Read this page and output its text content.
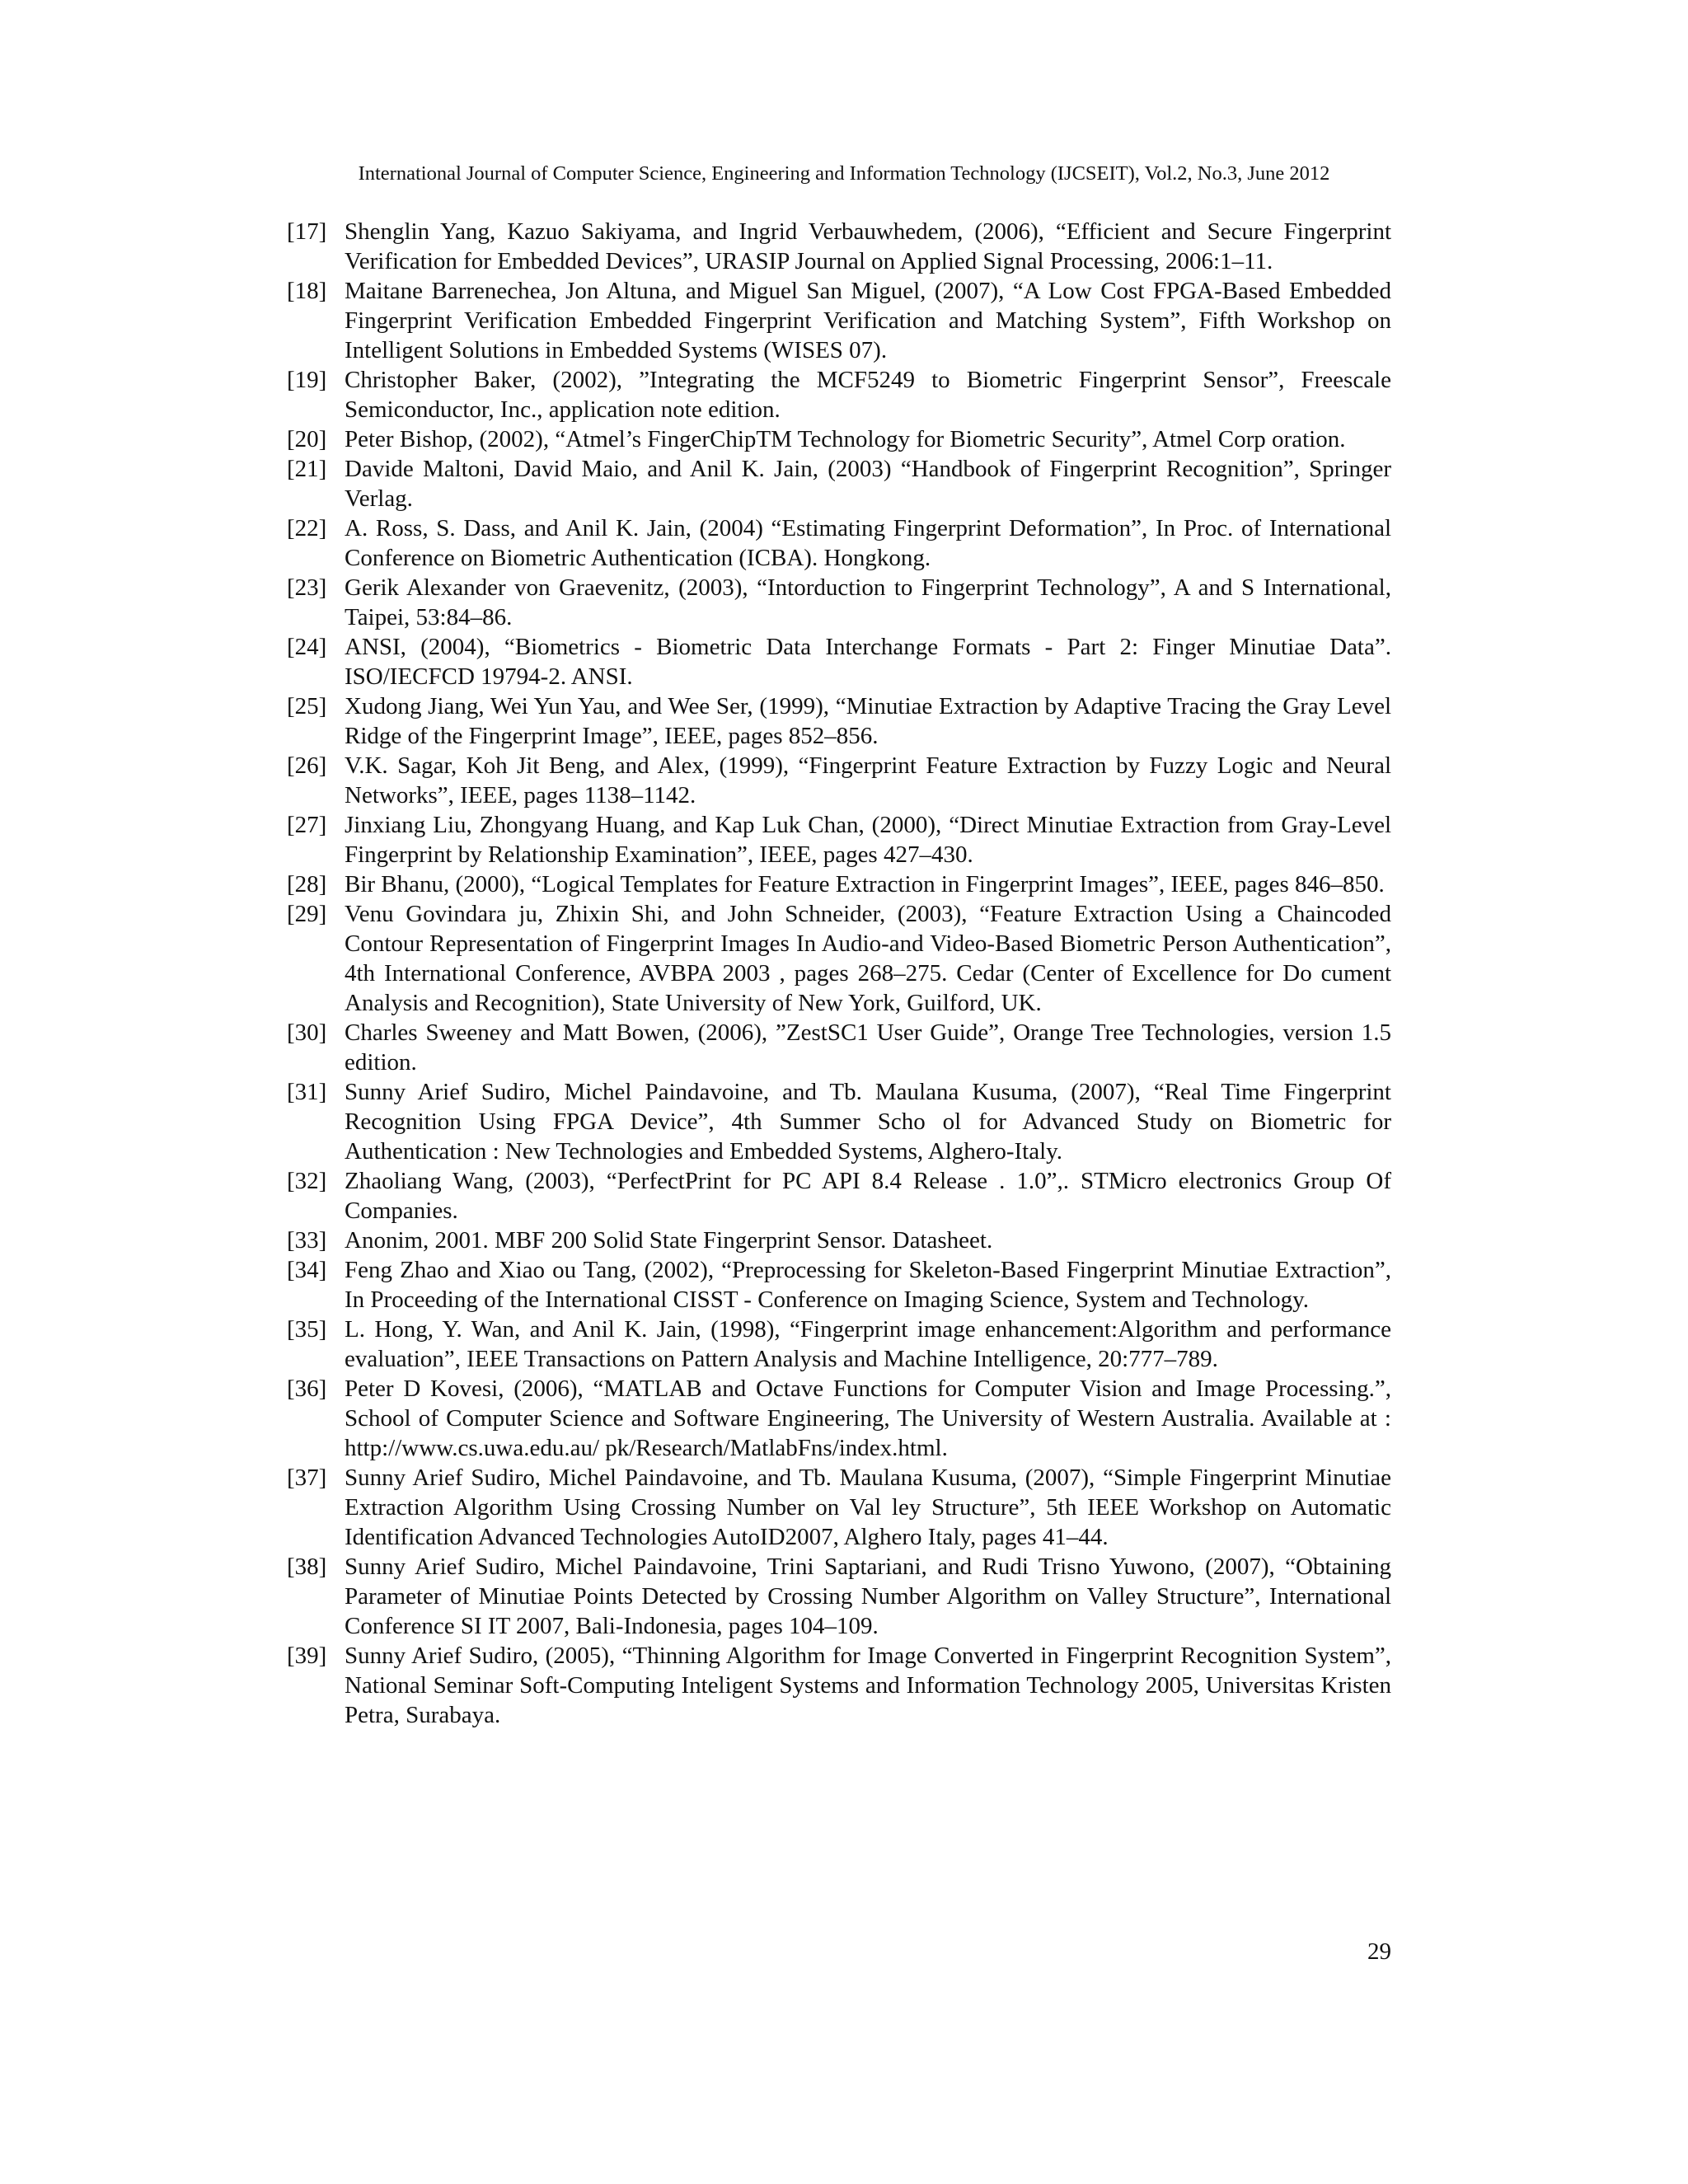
International Journal of Computer Science, Engineering and Information Technology (IJCSEIT), Vol.2, No.3, June 2012
[17] Shenglin Yang, Kazuo Sakiyama, and Ingrid Verbauwhedem, (2006), “Efficient and Secure Fingerprint Verification for Embedded Devices”, URASIP Journal on Applied Signal Processing, 2006:1–11.
[18] Maitane Barrenechea, Jon Altuna, and Miguel San Miguel, (2007), “A Low Cost FPGA-Based Embedded Fingerprint Verification Embedded Fingerprint Verification and Matching System”, Fifth Workshop on Intelligent Solutions in Embedded Systems (WISES 07).
[19] Christopher Baker, (2002), ”Integrating the MCF5249 to Biometric Fingerprint Sensor”, Freescale Semiconductor, Inc., application note edition.
[20] Peter Bishop, (2002), “Atmel’s FingerChipTM Technology for Biometric Security”, Atmel Corp oration.
[21] Davide Maltoni, David Maio, and Anil K. Jain, (2003) “Handbook of Fingerprint Recognition”, Springer Verlag.
[22] A. Ross, S. Dass, and Anil K. Jain, (2004) “Estimating Fingerprint Deformation”, In Proc. of International Conference on Biometric Authentication (ICBA). Hongkong.
[23] Gerik Alexander von Graevenitz, (2003), “Intorduction to Fingerprint Technology”, A and S International, Taipei, 53:84–86.
[24] ANSI, (2004), “Biometrics - Biometric Data Interchange Formats - Part 2: Finger Minutiae Data”. ISO/IECFCD 19794-2. ANSI.
[25] Xudong Jiang, Wei Yun Yau, and Wee Ser, (1999), “Minutiae Extraction by Adaptive Tracing the Gray Level Ridge of the Fingerprint Image”, IEEE, pages 852–856.
[26] V.K. Sagar, Koh Jit Beng, and Alex, (1999), “Fingerprint Feature Extraction by Fuzzy Logic and Neural Networks”, IEEE, pages 1138–1142.
[27] Jinxiang Liu, Zhongyang Huang, and Kap Luk Chan, (2000), “Direct Minutiae Extraction from Gray-Level Fingerprint by Relationship Examination”, IEEE, pages 427–430.
[28] Bir Bhanu, (2000), “Logical Templates for Feature Extraction in Fingerprint Images”, IEEE, pages 846–850.
[29] Venu Govindara ju, Zhixin Shi, and John Schneider, (2003), “Feature Extraction Using a Chaincoded Contour Representation of Fingerprint Images In Audio-and Video-Based Biometric Person Authentication”, 4th International Conference, AVBPA 2003 , pages 268–275. Cedar (Center of Excellence for Do cument Analysis and Recognition), State University of New York, Guilford, UK.
[30] Charles Sweeney and Matt Bowen, (2006), ”ZestSC1 User Guide”, Orange Tree Technologies, version 1.5 edition.
[31] Sunny Arief Sudiro, Michel Paindavoine, and Tb. Maulana Kusuma, (2007), “Real Time Fingerprint Recognition Using FPGA Device”, 4th Summer Scho ol for Advanced Study on Biometric for Authentication : New Technologies and Embedded Systems, Alghero-Italy.
[32] Zhaoliang Wang, (2003), “PerfectPrint for PC API 8.4 Release . 1.0”,. STMicro electronics Group Of Companies.
[33] Anonim, 2001. MBF 200 Solid State Fingerprint Sensor. Datasheet.
[34] Feng Zhao and Xiao ou Tang, (2002), “Preprocessing for Skeleton-Based Fingerprint Minutiae Extraction”, In Proceeding of the International CISST - Conference on Imaging Science, System and Technology.
[35] L. Hong, Y. Wan, and Anil K. Jain, (1998), “Fingerprint image enhancement:Algorithm and performance evaluation”, IEEE Transactions on Pattern Analysis and Machine Intelligence, 20:777–789.
[36] Peter D Kovesi, (2006), “MATLAB and Octave Functions for Computer Vision and Image Processing.”, School of Computer Science and Software Engineering, The University of Western Australia. Available at : http://www.cs.uwa.edu.au/ pk/Research/MatlabFns/index.html.
[37] Sunny Arief Sudiro, Michel Paindavoine, and Tb. Maulana Kusuma, (2007), “Simple Fingerprint Minutiae Extraction Algorithm Using Crossing Number on Val ley Structure”, 5th IEEE Workshop on Automatic Identification Advanced Technologies AutoID2007, Alghero Italy, pages 41–44.
[38] Sunny Arief Sudiro, Michel Paindavoine, Trini Saptariani, and Rudi Trisno Yuwono, (2007), “Obtaining Parameter of Minutiae Points Detected by Crossing Number Algorithm on Valley Structure”, International Conference SI IT 2007, Bali-Indonesia, pages 104–109.
[39] Sunny Arief Sudiro, (2005), “Thinning Algorithm for Image Converted in Fingerprint Recognition System”, National Seminar Soft-Computing Inteligent Systems and Information Technology 2005, Universitas Kristen Petra, Surabaya.
29
